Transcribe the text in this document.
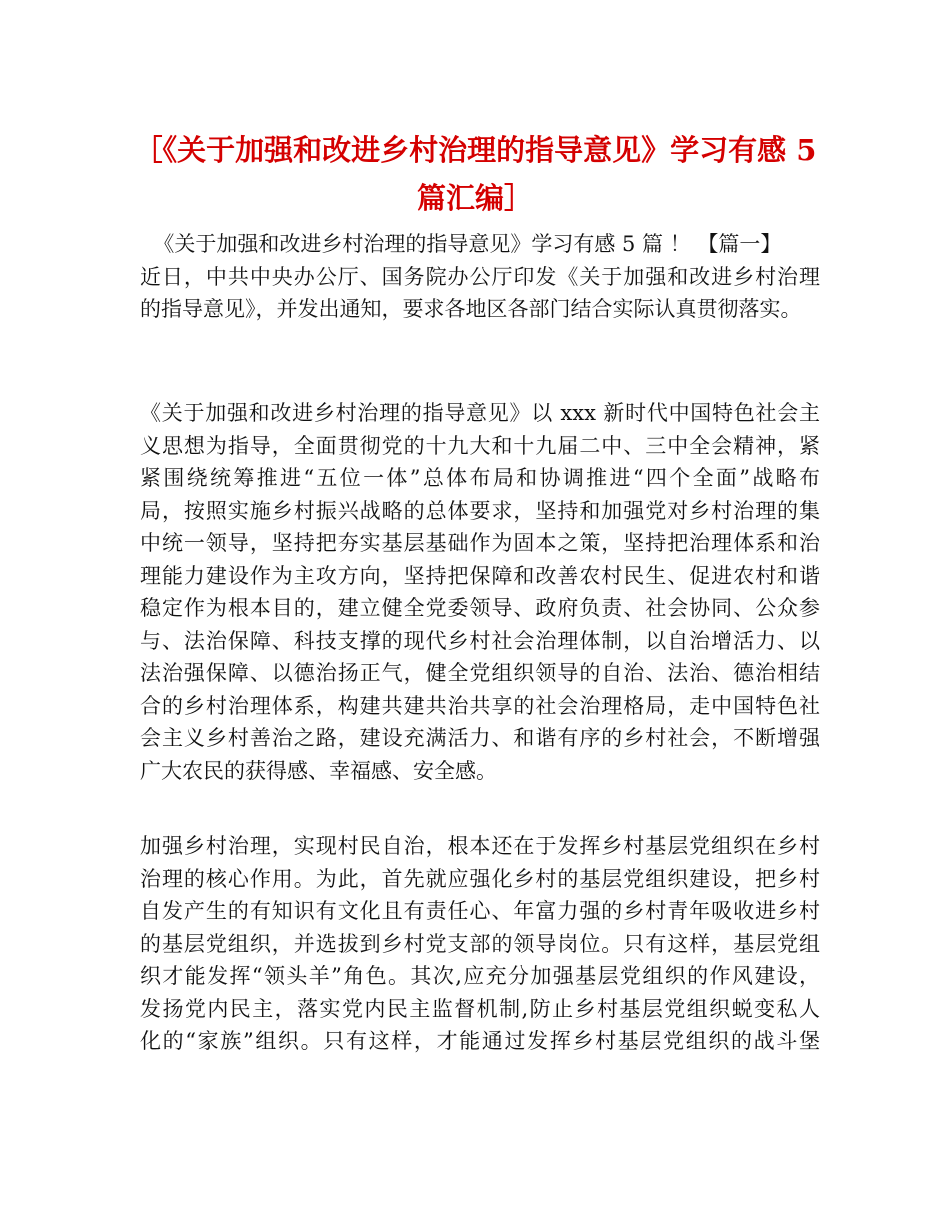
［《关于加强和改进乡村治理的指导意见》学习有感 5
篇汇编］
《关于加强和改进乡村治理的指导意见》学习有感 5 篇 ！ 【篇一】
近日，中共中央办公厅、国务院办公厅印发《关于加强和改进乡村治理
的指导意见》，并发出通知，要求各地区各部门结合实际认真贯彻落实。
《关于加强和改进乡村治理的指导意见》以 xxx 新时代中国特色社会主
义思想为指导，全面贯彻党的十九大和十九届二中、三中全会精神，紧
紧围绕统筹推进“五位一体”总体布局和协调推进“四个全面”战略布
局，按照实施乡村振兴战略的总体要求，坚持和加强党对乡村治理的集
中统一领导，坚持把夯实基层基础作为固本之策，坚持把治理体系和治
理能力建设作为主攻方向，坚持把保障和改善农村民生、促进农村和谐
稳定作为根本目的，建立健全党委领导、政府负责、社会协同、公众参
与、法治保障、科技支撑的现代乡村社会治理体制，以自治增活力、以
法治强保障、以德治扬正气，健全党组织领导的自治、法治、德治相结
合的乡村治理体系，构建共建共治共享的社会治理格局，走中国特色社
会主义乡村善治之路，建设充满活力、和谐有序的乡村社会，不断增强
广大农民的获得感、幸福感、安全感。
加强乡村治理，实现村民自治，根本还在于发挥乡村基层党组织在乡村
治理的核心作用。为此，首先就应强化乡村的基层党组织建设，把乡村
自发产生的有知识有文化且有责任心、年富力强的乡村青年吸收进乡村
的基层党组织，并选拔到乡村党支部的领导岗位。只有这样，基层党组
织才能发挥“领头羊”角色。其次,应充分加强基层党组织的作风建设，
发扬党内民主，落实党内民主监督机制,防止乡村基层党组织蜕变私人
化的“家族”组织。只有这样，才能通过发挥乡村基层党组织的战斗堡
